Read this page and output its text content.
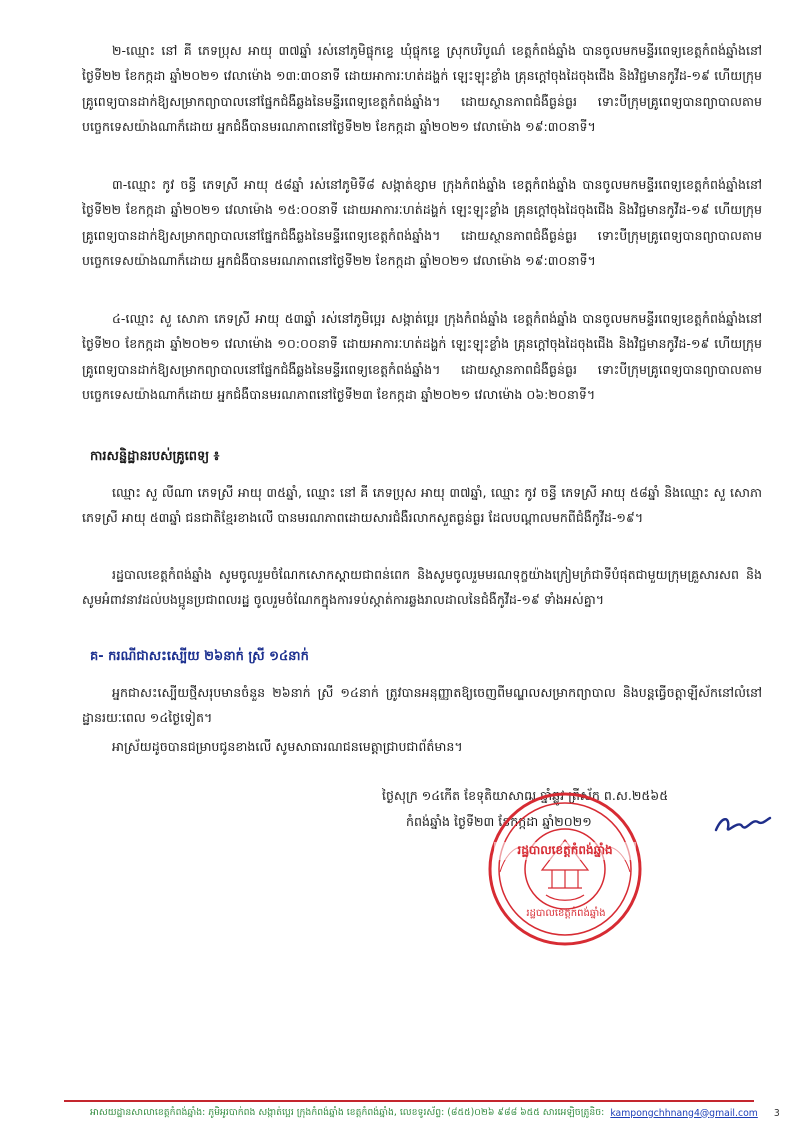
២-ឈ្មោះ នៅ គី ភេទប្រុស អាយុ ៣៧ឆ្នាំ រស់នៅភូមិផ្ចុកខ្ទេ ឃុំផ្ចុកខ្ទេ ស្រុកបរិបូណ៌ ខេត្តកំពង់ឆ្នាំង បានចូលមកមន្ទីរពេទ្យខេត្តកំពង់ឆ្នាំងនៅថ្ងៃទី២២ ខែកក្កដា ឆ្នាំ២០២១ វេលាម៉ោង ១៣:៣០នាទី ដោយអាការៈហត់ដង្ហក់ ឡេះឡុះខ្លាំង គ្រុនក្តៅចុងដៃចុងជើង និងវិជ្ជមានកូវីដ-១៩ ហើយក្រុមគ្រូពេទ្យបានដាក់ឱ្យសម្រាកព្យាបាលនៅផ្នែកជំងឺឆ្លងនៃមន្ទីរពេទ្យខេត្តកំពង់ឆ្នាំង។ ដោយស្ថានភាពជំងឺធ្ងន់ធ្ងរ ទោះបីក្រុមគ្រូពេទ្យបានព្យាបាលតាមបច្ចេកទេសយ៉ាងណាក៏ដោយ អ្នកជំងឺបានមរណភាពនៅថ្ងៃទី២២ ខែកក្កដា ឆ្នាំ២០២១ វេលាម៉ោង ១៩:៣០នាទី។

៣-ឈ្មោះ កូវ ចន្ធី ភេទស្រី អាយុ ៥៨ឆ្នាំ រស់នៅភូមិទី៨ សង្កាត់ខ្សាម ក្រុងកំពង់ឆ្នាំង ខេត្តកំពង់ឆ្នាំង បានចូលមកមន្ទីរពេទ្យខេត្តកំពង់ឆ្នាំងនៅថ្ងៃទី២២ ខែកក្កដា ឆ្នាំ២០២១ វេលាម៉ោង ១៥:០០នាទី ដោយអាការៈហត់ដង្ហក់ ឡេះឡុះខ្លាំង គ្រុនក្តៅចុងដៃចុងជើង និងវិជ្ជមានកូវីដ-១៩ ហើយក្រុមគ្រូពេទ្យបានដាក់ឱ្យសម្រាកព្យាបាលនៅផ្នែកជំងឺឆ្លងនៃមន្ទីរពេទ្យខេត្តកំពង់ឆ្នាំង។ ដោយស្ថានភាពជំងឺធ្ងន់ធ្ងរ ទោះបីក្រុមគ្រូពេទ្យបានព្យាបាលតាមបច្ចេកទេសយ៉ាងណាក៏ដោយ អ្នកជំងឺបានមរណភាពនៅថ្ងៃទី២២ ខែកក្កដា ឆ្នាំ២០២១ វេលាម៉ោង ១៩:៣០នាទី។

៤-ឈ្មោះ សួ សោភា ភេទស្រី អាយុ ៥៣ឆ្នាំ រស់នៅភូមិប្អេរ សង្កាត់ប្អេរ ក្រុងកំពង់ឆ្នាំង ខេត្តកំពង់ឆ្នាំង បានចូលមកមន្ទីរពេទ្យខេត្តកំពង់ឆ្នាំងនៅថ្ងៃទី២០ ខែកក្កដា ឆ្នាំ២០២១ វេលាម៉ោង ១០:០០នាទី ដោយអាការៈហត់ដង្ហក់ ឡេះឡុះខ្លាំង គ្រុនក្តៅចុងដៃចុងជើង និងវិជ្ជមានកូវីដ-១៩ ហើយក្រុមគ្រូពេទ្យបានដាក់ឱ្យសម្រាកព្យាបាលនៅផ្នែកជំងឺឆ្លងនៃមន្ទីរពេទ្យខេត្តកំពង់ឆ្នាំង។ ដោយស្ថានភាពជំងឺធ្ងន់ធ្ងរ ទោះបីក្រុមគ្រូពេទ្យបានព្យាបាលតាមបច្ចេកទេសយ៉ាងណាក៏ដោយ អ្នកជំងឺបានមរណភាពនៅថ្ងៃទី២៣ ខែកក្កដា ឆ្នាំ២០២១ វេលាម៉ោង ០៦:២០នាទី។

ការសន្និដ្ឋានរបស់គ្រូពេទ្យ ៖

ឈ្មោះ សួ លីណា ភេទស្រី អាយុ ៣៥ឆ្នាំ, ឈ្មោះ នៅ គី ភេទប្រុស អាយុ ៣៧ឆ្នាំ, ឈ្មោះ កូវ ចន្ធី ភេទស្រី អាយុ ៥៨ឆ្នាំ និងឈ្មោះ សួ សោភា ភេទស្រី អាយុ ៥៣ឆ្នាំ ជនជាតិខ្មែរខាងលើ បានមរណភាពដោយសារជំងឺរលាកសួតធ្ងន់ធ្ងរ ដែលបណ្តាលមកពីជំងឺកូវីដ-១៩។

រដ្ឋបាលខេត្តកំពង់ឆ្នាំង សូមចូលរួមចំណែកសោកស្តាយជាពន់ពេក និងសូមចូលរួមមរណទុក្ខយ៉ាងក្រៀមក្រំជាទីបំផុតជាមួយក្រុមគ្រួសារសព និងសូមអំពាវនាវដល់បងប្អូនប្រជាពលរដ្ឋ ចូលរួមចំណែកក្នុងការទប់ស្កាត់ការឆ្លងរាលដាលនៃជំងឺកូវីដ-១៩ ទាំងអស់គ្នា។

គ- ករណីជាសះស្បើយ ២៦នាក់ ស្រី ១៤នាក់

អ្នកជាសះស្បើយថ្មីសរុបមានចំនួន ២៦នាក់ ស្រី ១៤នាក់ ត្រូវបានអនុញ្ញាតឱ្យចេញពីមណ្ឌលសម្រាកព្យាបាល និងបន្តធ្វើចត្តាឡីស័កនៅលំនៅដ្ឋានរយៈពេល ១៤ថ្ងៃទៀត។

អាស្រ័យដូចបានជម្រាបជូនខាងលើ សូមសាធារណជនមេត្តាជ្រាបជាព័ត៌មាន។

ថ្ងៃសុក្រ ១៤កើត ខែទុតិយាសាឍ ឆ្នាំឆ្លូវ ត្រីស័ក ព.ស.២៥៦៥
កំពង់ឆ្នាំង ថ្ងៃទី២៣ ខែកក្កដា ឆ្នាំ២០២១
រដ្ឋបាលខេត្តកំពង់ឆ្នាំង
រដ្ឋបាលខេត្តកំពង់ឆ្នាំង
អាសយដ្ឋានសាលាខេត្តកំពង់ឆ្នាំង: ភូមិអូរបាក់ពង សង្កាត់ប្អេរ ក្រុងកំពង់ឆ្នាំង ខេត្តកំពង់ឆ្នាំង, លេខទូរស័ព្ទ: (៨៥៥)០២៦ ៩៨៨ ៦៥៥ សារអេឡិចត្រូនិច: kampongchhnang4@gmail.com 3
